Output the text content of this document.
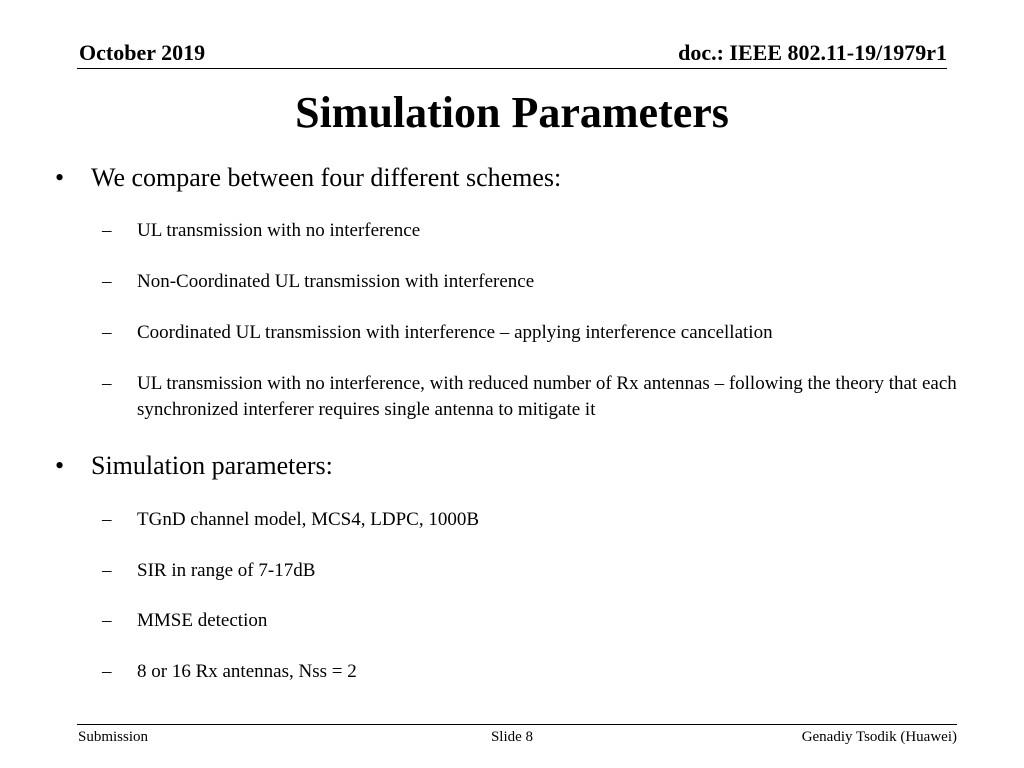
October 2019	doc.: IEEE 802.11-19/1979r1
Simulation Parameters
• We compare between four different schemes:
– UL transmission with no interference
– Non-Coordinated UL transmission with interference
– Coordinated UL transmission with interference – applying interference cancellation
– UL transmission with no interference, with reduced number of Rx antennas – following the theory that each synchronized interferer requires single antenna to mitigate it
• Simulation parameters:
– TGnD channel model, MCS4, LDPC, 1000B
– SIR in range of 7-17dB
– MMSE detection
– 8 or 16 Rx antennas, Nss = 2
Submission	Slide 8	Genadiy Tsodik (Huawei)
